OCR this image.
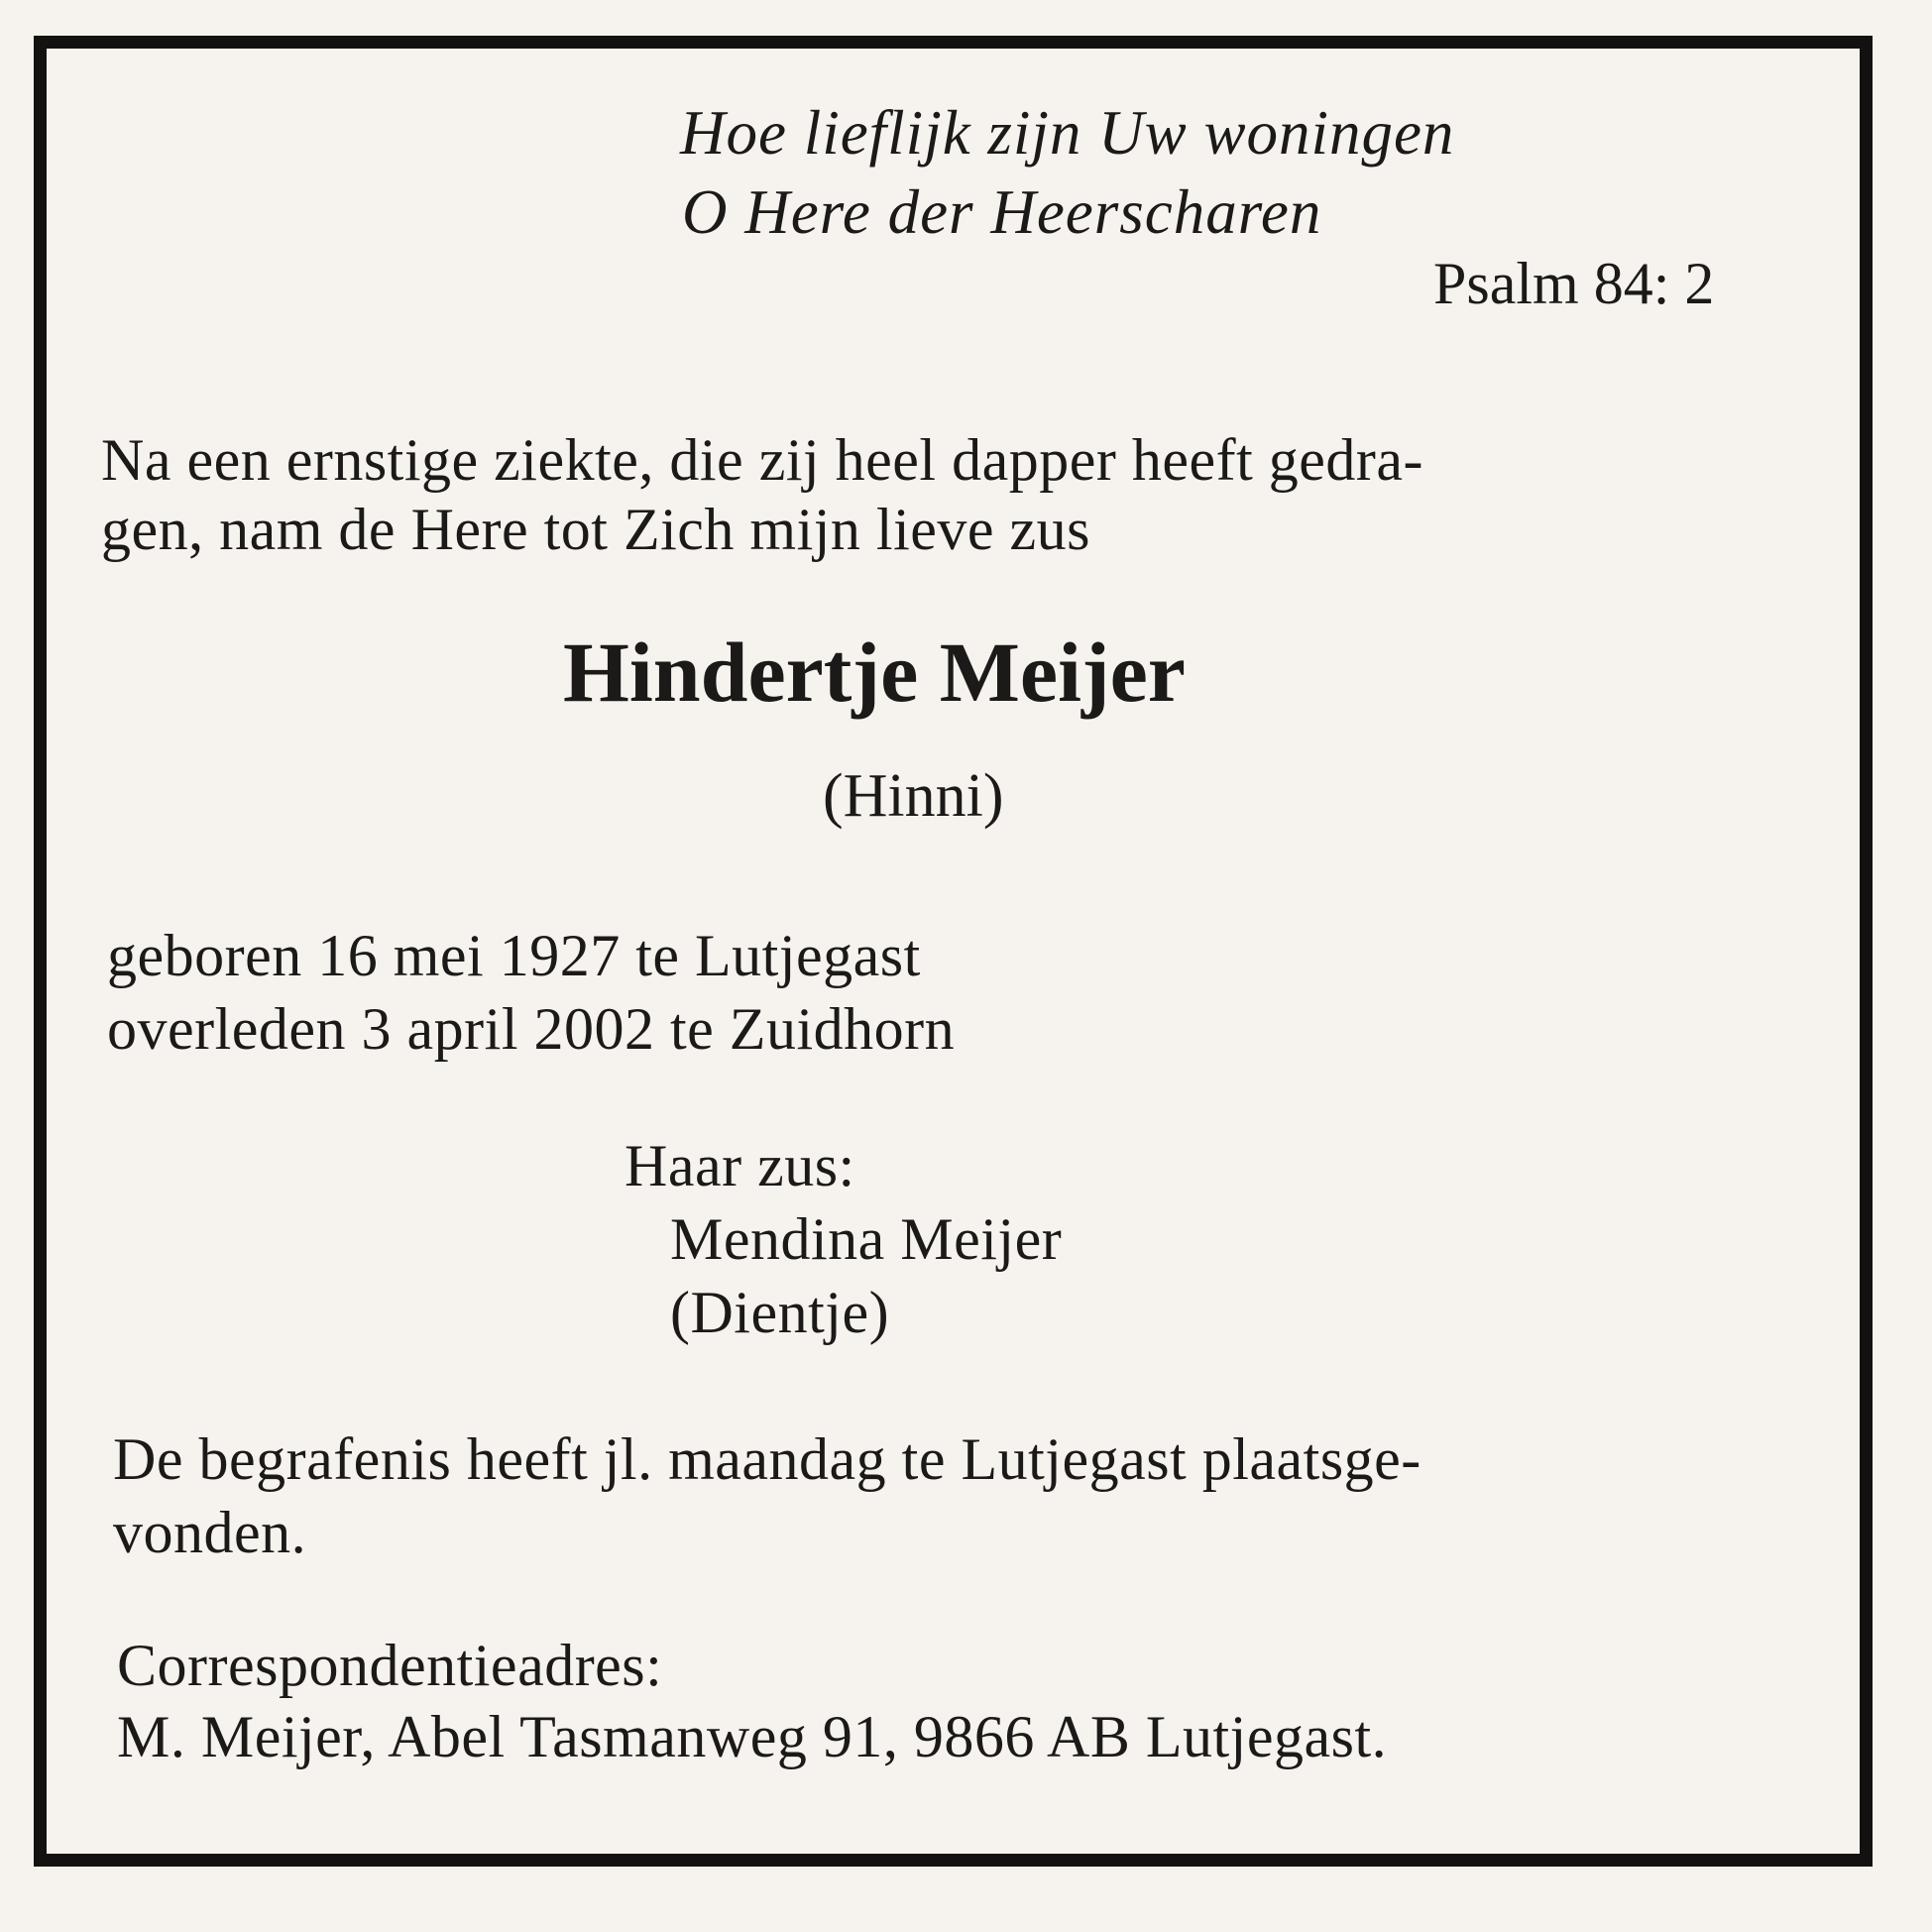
Hoe lieflijk zijn Uw woningen
O Here der Heerscharen
Psalm 84: 2
Na een ernstige ziekte, die zij heel dapper heeft gedra-
gen, nam de Here tot Zich mijn lieve zus
Hindertje Meijer
(Hinni)
geboren 16 mei 1927 te Lutjegast
overleden 3 april 2002 te Zuidhorn
Haar zus:
Mendina Meijer
(Dientje)
De begrafenis heeft jl. maandag te Lutjegast plaatsge-
vonden.
Correspondentieadres:
M. Meijer, Abel Tasmanweg 91, 9866 AB Lutjegast.
